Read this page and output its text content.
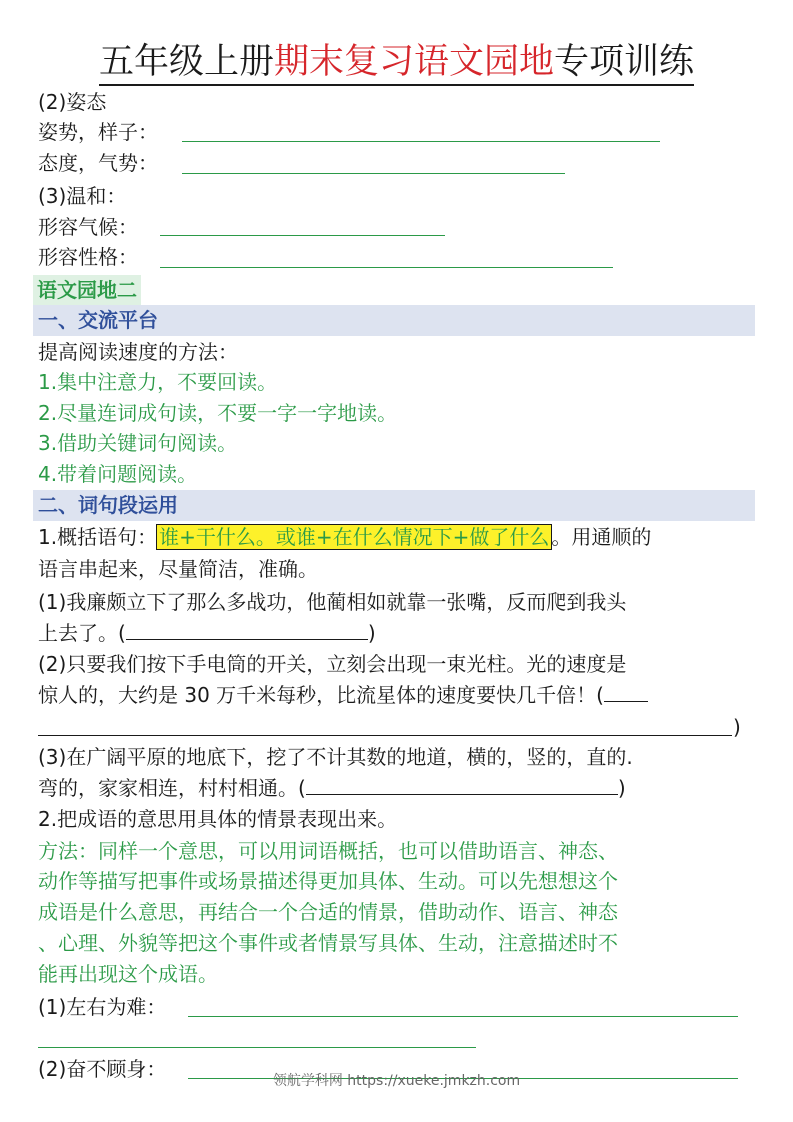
五年级上册期末复习语文园地专项训练
(2)姿态
姿势，样子：
态度，气势：
(3)温和：
形容气候：
形容性格：
语文园地二
一、交流平台
提高阅读速度的方法：
1.集中注意力，不要回读。
2.尽量连词成句读，不要一字一字地读。
3.借助关键词句阅读。
4.带着问题阅读。
二、词句段运用
1.概括语句： 谁+干什么。或谁+在什么情况下+做了什么 。用通顺的
语言串起来，尽量简洁，准确。
(1)我廉颇立下了那么多战功，他蔺相如就靠一张嘴，反而爬到我头
上去了。(	)
(2)只要我们按下手电筒的开关，立刻会出现一束光柱。光的速度是
惊人的，大约是 30 万千米每秒，比流星体的速度要快几千倍！(
)
(3)在广阔平原的地底下，挖了不计其数的地道，横的，竖的，直的.
弯的，家家相连，村村相通。(	)
2.把成语的意思用具体的情景表现出来。
方法：同样一个意思，可以用词语概括，也可以借助语言、神态、
动作等描写把事件或场景描述得更加具体、生动。可以先想想这个
成语是什么意思，再结合一个合适的情景，借助动作、语言、神态
、心理、外貌等把这个事件或者情景写具体、生动，注意描述时不
能再出现这个成语。
(1)左右为难：
(2)奋不顾身：	领航学科网 https://xueke.jmkzh.com
